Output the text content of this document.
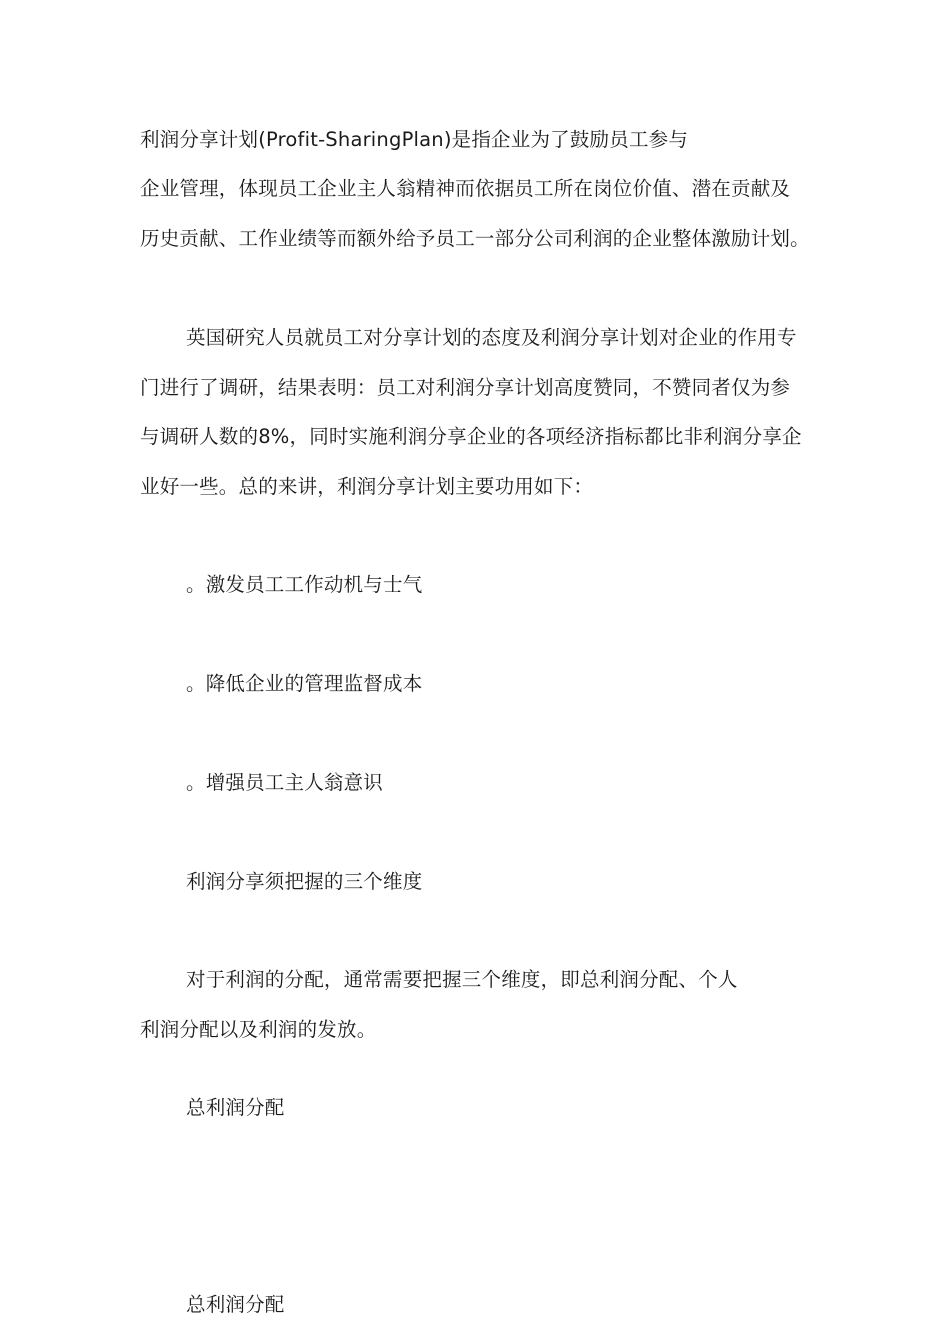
利润分享计划(Profit-SharingPlan)是指企业为了鼓励员工参与
企业管理，体现员工企业主人翁精神而依据员工所在岗位价值、潜在贡献及
历史贡献、工作业绩等而额外给予员工一部分公司利润的企业整体激励计划。
英国研究人员就员工对分享计划的态度及利润分享计划对企业的作用专
门进行了调研，结果表明：员工对利润分享计划高度赞同，不赞同者仅为参
与调研人数的8%，同时实施利润分享企业的各项经济指标都比非利润分享企
业好一些。总的来讲，利润分享计划主要功用如下：
。激发员工工作动机与士气
。降低企业的管理监督成本
。增强员工主人翁意识
利润分享须把握的三个维度
对于利润的分配，通常需要把握三个维度，即总利润分配、个人
利润分配以及利润的发放。
总利润分配
总利润分配
